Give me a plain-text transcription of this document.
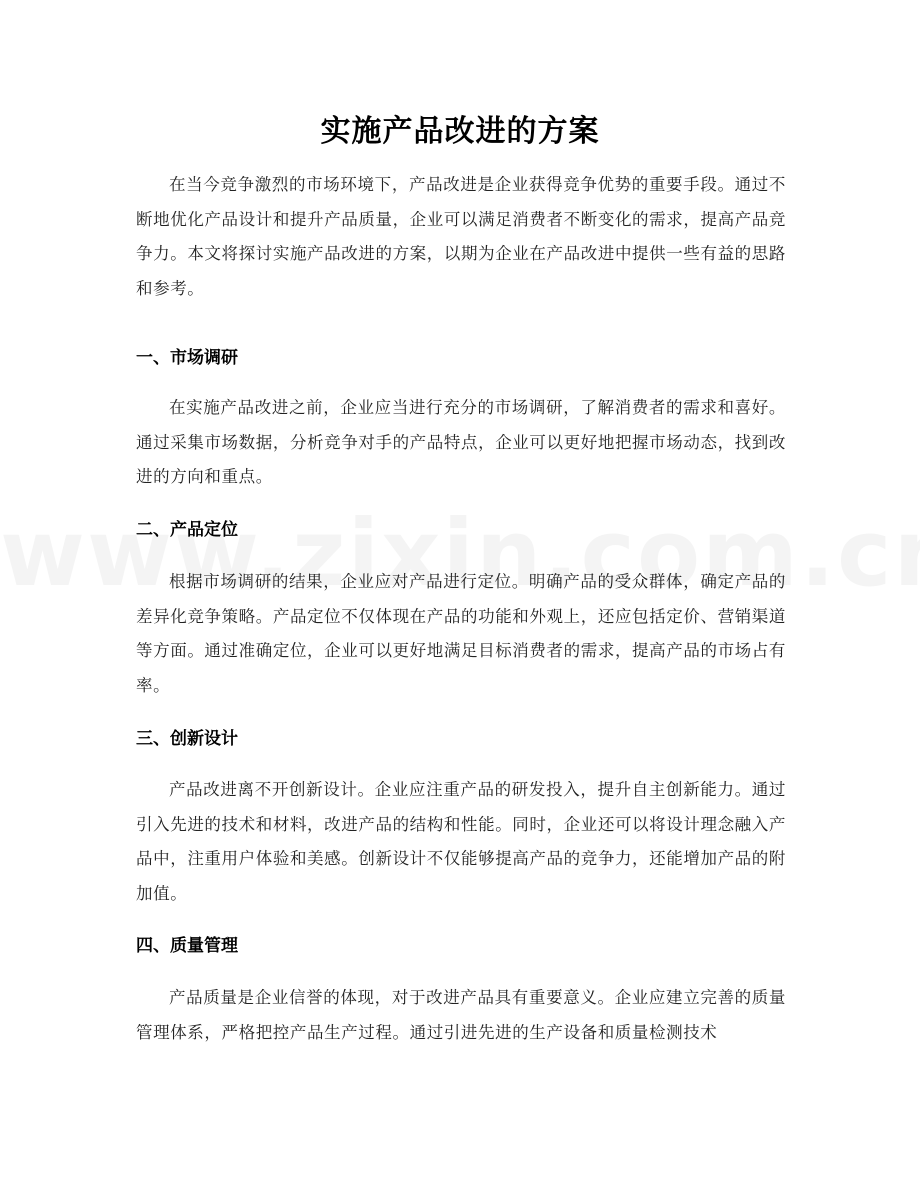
实施产品改进的方案

在当今竞争激烈的市场环境下，产品改进是企业获得竞争优势的重要手段。通过不断地优化产品设计和提升产品质量，企业可以满足消费者不断变化的需求，提高产品竞争力。本文将探讨实施产品改进的方案，以期为企业在产品改进中提供一些有益的思路和参考。

一、市场调研

在实施产品改进之前，企业应当进行充分的市场调研，了解消费者的需求和喜好。通过采集市场数据，分析竞争对手的产品特点，企业可以更好地把握市场动态，找到改进的方向和重点。

二、产品定位

根据市场调研的结果，企业应对产品进行定位。明确产品的受众群体，确定产品的差异化竞争策略。产品定位不仅体现在产品的功能和外观上，还应包括定价、营销渠道等方面。通过准确定位，企业可以更好地满足目标消费者的需求，提高产品的市场占有率。

三、创新设计

产品改进离不开创新设计。企业应注重产品的研发投入，提升自主创新能力。通过引入先进的技术和材料，改进产品的结构和性能。同时，企业还可以将设计理念融入产品中，注重用户体验和美感。创新设计不仅能够提高产品的竞争力，还能增加产品的附加值。

四、质量管理

产品质量是企业信誉的体现，对于改进产品具有重要意义。企业应建立完善的质量管理体系，严格把控产品生产过程。通过引进先进的生产设备和质量检测技术
